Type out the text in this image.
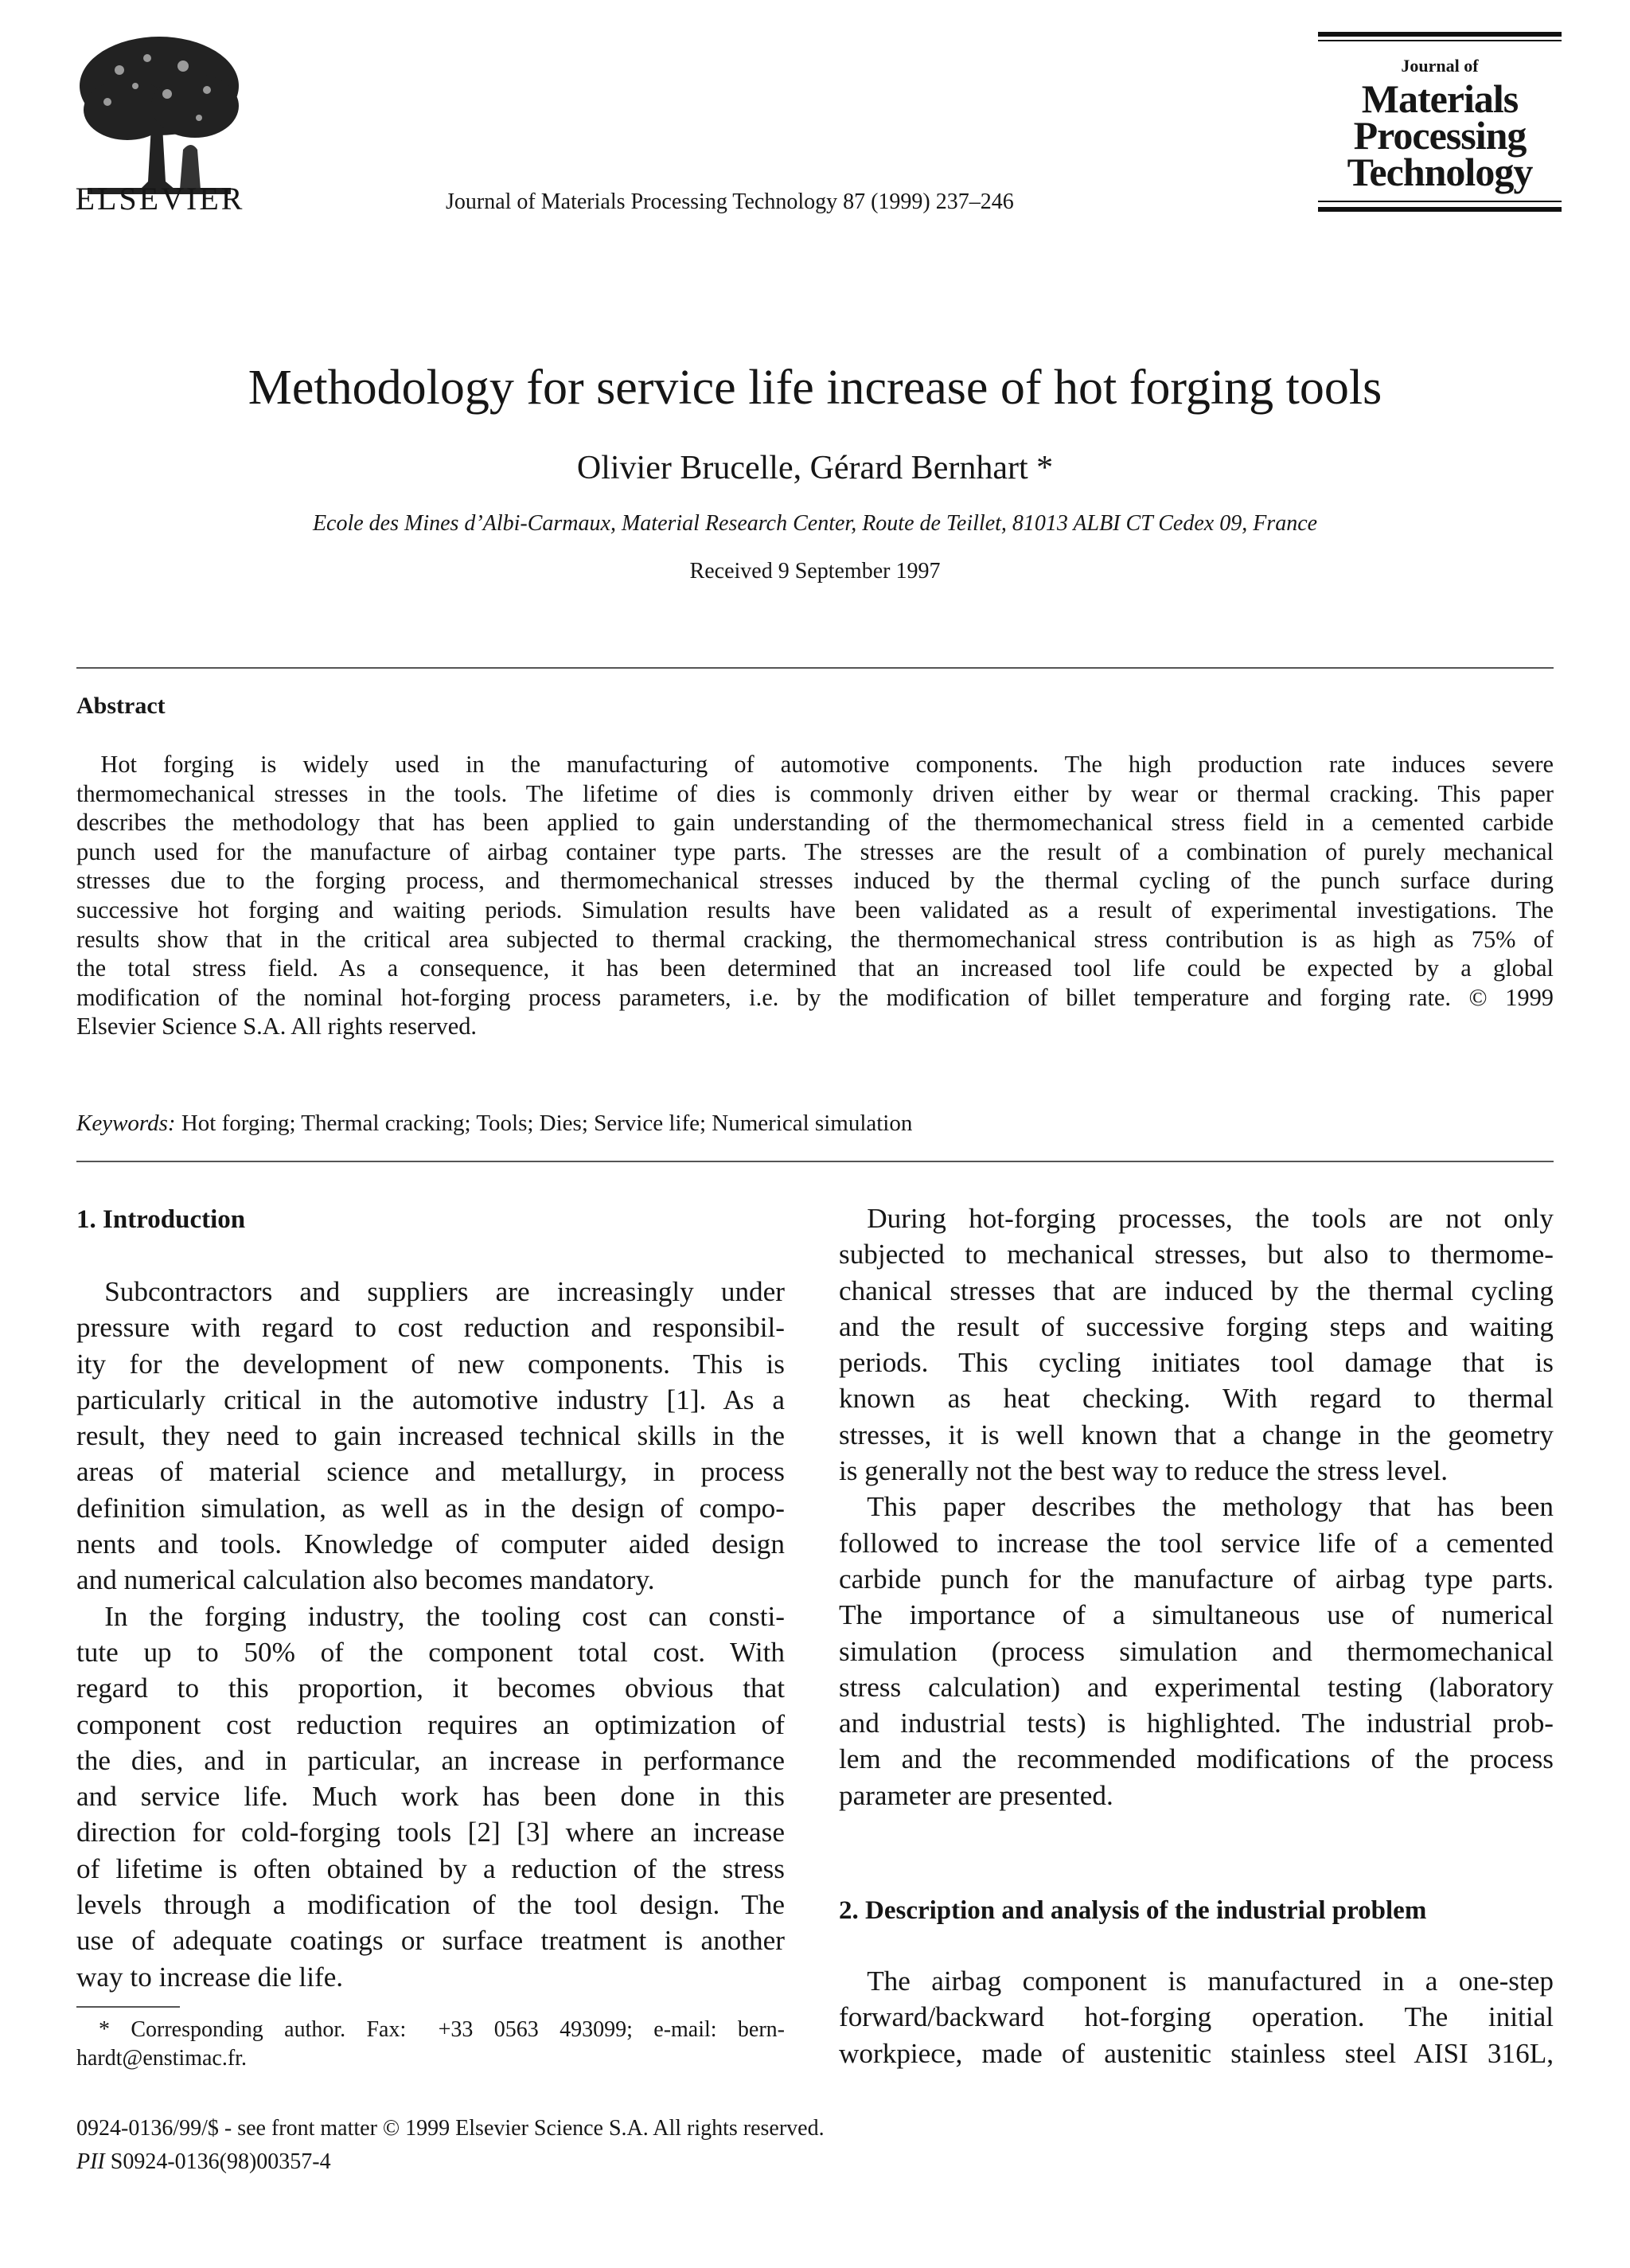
ELSEVIER	Journal of Materials Processing Technology 87 (1999) 237–246
Journal of
Materials
Processing
Technology
Methodology for service life increase of hot forging tools
Olivier Brucelle, Gérard Bernhart *
Ecole des Mines d’Albi-Carmaux, Material Research Center, Route de Teillet, 81013 ALBI CT Cedex 09, France
Received 9 September 1997
Abstract
 Hot forging is widely used in the manufacturing of automotive components. The high production rate induces severe
thermomechanical stresses in the tools. The lifetime of dies is commonly driven either by wear or thermal cracking. This paper
describes the methodology that has been applied to gain understanding of the thermomechanical stress field in a cemented carbide
punch used for the manufacture of airbag container type parts. The stresses are the result of a combination of purely mechanical
stresses due to the forging process, and thermomechanical stresses induced by the thermal cycling of the punch surface during
successive hot forging and waiting periods. Simulation results have been validated as a result of experimental investigations. The
results show that in the critical area subjected to thermal cracking, the thermomechanical stress contribution is as high as 75% of
the total stress field. As a consequence, it has been determined that an increased tool life could be expected by a global
modification of the nominal hot-forging process parameters, i.e. by the modification of billet temperature and forging rate. © 1999
Elsevier Science S.A. All rights reserved.
Keywords: Hot forging; Thermal cracking; Tools; Dies; Service life; Numerical simulation
1. Introduction
 Subcontractors and suppliers are increasingly under
pressure with regard to cost reduction and responsibil-
ity for the development of new components. This is
particularly critical in the automotive industry [1]. As a
result, they need to gain increased technical skills in the
areas of material science and metallurgy, in process
definition simulation, as well as in the design of compo-
nents and tools. Knowledge of computer aided design
and numerical calculation also becomes mandatory.
 In the forging industry, the tooling cost can consti-
tute up to 50% of the component total cost. With
regard to this proportion, it becomes obvious that
component cost reduction requires an optimization of
the dies, and in particular, an increase in performance
and service life. Much work has been done in this
direction for cold-forging tools [2] [3] where an increase
of lifetime is often obtained by a reduction of the stress
levels through a modification of the tool design. The
use of adequate coatings or surface treatment is another
way to increase die life.
 * Corresponding author. Fax:  +33 0563 493099; e-mail: bern-
hardt@enstimac.fr.
 During hot-forging processes, the tools are not only
subjected to mechanical stresses, but also to thermome-
chanical stresses that are induced by the thermal cycling
and the result of successive forging steps and waiting
periods. This cycling initiates tool damage that is
known as heat checking. With regard to thermal
stresses, it is well known that a change in the geometry
is generally not the best way to reduce the stress level.
 This paper describes the methology that has been
followed to increase the tool service life of a cemented
carbide punch for the manufacture of airbag type parts.
The importance of a simultaneous use of numerical
simulation (process simulation and thermomechanical
stress calculation) and experimental testing (laboratory
and industrial tests) is highlighted. The industrial prob-
lem and the recommended modifications of the process
parameter are presented.
2. Description and analysis of the industrial problem
 The airbag component is manufactured in a one-step
forward/backward hot-forging operation. The initial
workpiece, made of austenitic stainless steel AISI 316L,
0924-0136/99/$ - see front matter © 1999 Elsevier Science S.A. All rights reserved.
PII S0924-0136(98)00357-4
